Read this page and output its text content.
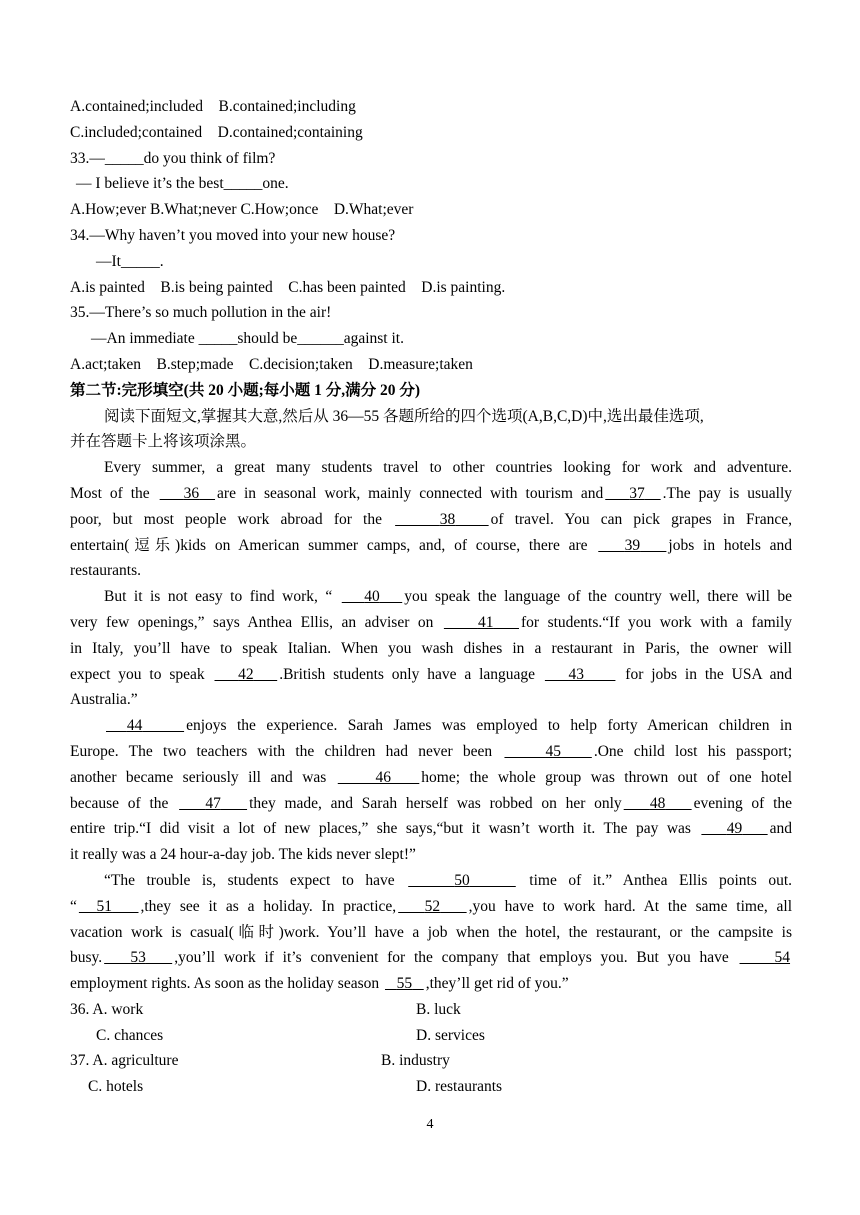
A.contained;included    B.contained;including
C.included;contained    D.contained;containing
33.—_____do you think of film?
— I believe it’s the best_____one.
A.How;ever B.What;never C.How;once    D.What;ever
34.—Why haven’t you moved into your new house?
—It_____.
A.is painted    B.is being painted    C.has been painted    D.is painting.
35.—There’s so much pollution in the air!
—An immediate _____should be______against it.
A.act;taken    B.step;made    C.decision;taken    D.measure;taken
第二节:完形填空(共 20 小题;每小题 1 分,满分 20 分)
阅读下面短文,掌握其大意,然后从 36—55 各题所给的四个选项(A,B,C,D)中,选出最佳选项,
并在答题卡上将该项涂黑。
Every summer, a great many students travel to other countries looking for work and adventure.
Most of the    36 are in seasonal work, mainly connected with tourism and 37 .The pay is usually
poor, but most people work abroad for the	38 of travel. You can pick grapes in France,
entertain(逗乐)kids on American summer camps, and, of course, there are    39 jobs in hotels and
restaurants.
But it is not easy to find work, “    40 you speak the language of the country well, there will be
very few openings,” says Anthea Ellis, an adviser on     41 for students.“If you work with a family
in Italy, you’ll have to speak Italian. When you wash dishes in a restaurant in Paris, the owner will
expect you to speak    42 .British students only have a language    43     for jobs in the USA and
Australia.”
44	enjoys the experience. Sarah James was employed to help forty American children in
Europe. The two teachers with the children had never been	45 .One child lost his passport;
another became seriously ill and was	46 home; the whole group was thrown out of one hotel
because of the    47 they made, and Sarah herself was robbed on her only 48 evening of the
entire trip.“I did visit a lot of new places,” she says,“but it wasn’t worth it. The pay was    49 and
it really was a 24 hour-a-day job. The kids never slept!”
“The trouble is, students expect to have	50	time of it.” Anthea Ellis points out.
“ 51 ,they see it as a holiday. In practice, 52 ,you have to work hard. At the same time, all
vacation work is casual(临时)work. You’ll have a job when the hotel, the restaurant, or the campsite is
busy. 53 ,you’ll work if it’s convenient for the company that employs you. But you have     54
employment rights. As soon as the holiday season    55 ,they’ll get rid of you.”
36. A. work	B. luck
C. chances	D. services
37. A. agriculture	B. industry
C. hotels	D. restaurants
4
